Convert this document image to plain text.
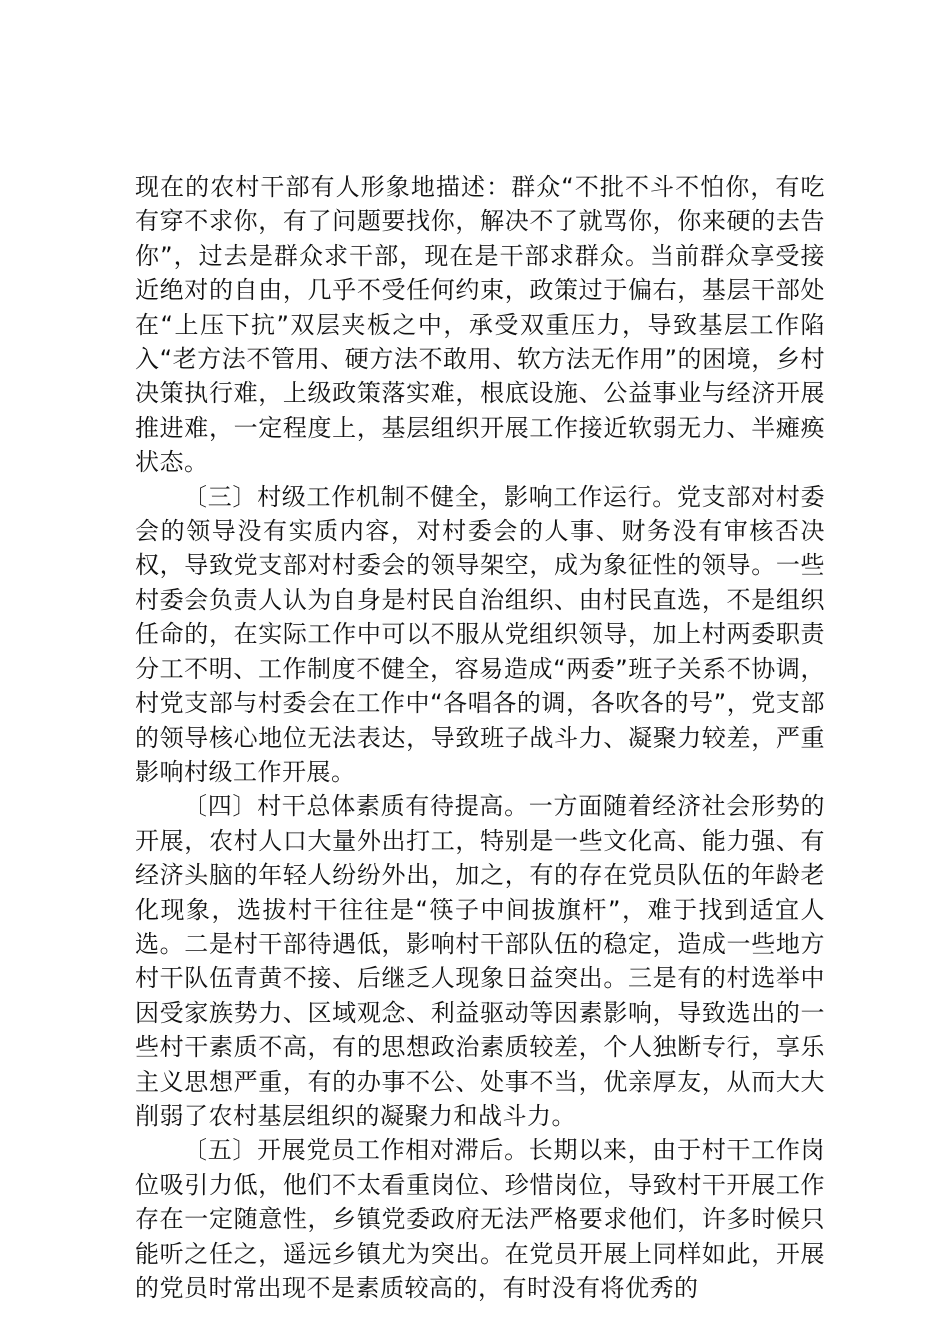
现在的农村干部有人形象地描述：群众“不批不斗不怕你，有吃有穿不求你，有了问题要找你，解决不了就骂你，你来硬的去告你”，过去是群众求干部，现在是干部求群众。当前群众享受接近绝对的自由，几乎不受任何约束，政策过于偏右，基层干部处在“上压下抗”双层夹板之中，承受双重压力，导致基层工作陷入“老方法不管用、硬方法不敢用、软方法无作用”的困境，乡村决策执行难，上级政策落实难，根底设施、公益事业与经济开展推进难，一定程度上，基层组织开展工作接近软弱无力、半瘫痪状态。

〔三〕村级工作机制不健全，影响工作运行。党支部对村委会的领导没有实质内容，对村委会的人事、财务没有审核否决权，导致党支部对村委会的领导架空，成为象征性的领导。一些村委会负责人认为自身是村民自治组织、由村民直选，不是组织任命的，在实际工作中可以不服从党组织领导，加上村两委职责分工不明、工作制度不健全，容易造成“两委”班子关系不协调，村党支部与村委会在工作中“各唱各的调，各吹各的号”，党支部的领导核心地位无法表达，导致班子战斗力、凝聚力较差，严重影响村级工作开展。

〔四〕村干总体素质有待提高。一方面随着经济社会形势的开展，农村人口大量外出打工，特别是一些文化高、能力强、有经济头脑的年轻人纷纷外出，加之，有的存在党员队伍的年龄老化现象，选拔村干往往是“筷子中间拔旗杆”，难于找到适宜人选。二是村干部待遇低，影响村干部队伍的稳定，造成一些地方村干队伍青黄不接、后继乏人现象日益突出。三是有的村选举中因受家族势力、区域观念、利益驱动等因素影响，导致选出的一些村干素质不高，有的思想政治素质较差，个人独断专行，享乐主义思想严重，有的办事不公、处事不当，优亲厚友，从而大大削弱了农村基层组织的凝聚力和战斗力。

〔五〕开展党员工作相对滞后。长期以来，由于村干工作岗位吸引力低，他们不太看重岗位、珍惜岗位，导致村干开展工作存在一定随意性，乡镇党委政府无法严格要求他们，许多时候只能听之任之，遥远乡镇尤为突出。在党员开展上同样如此，开展的党员时常出现不是素质较高的，有时没有将优秀的
